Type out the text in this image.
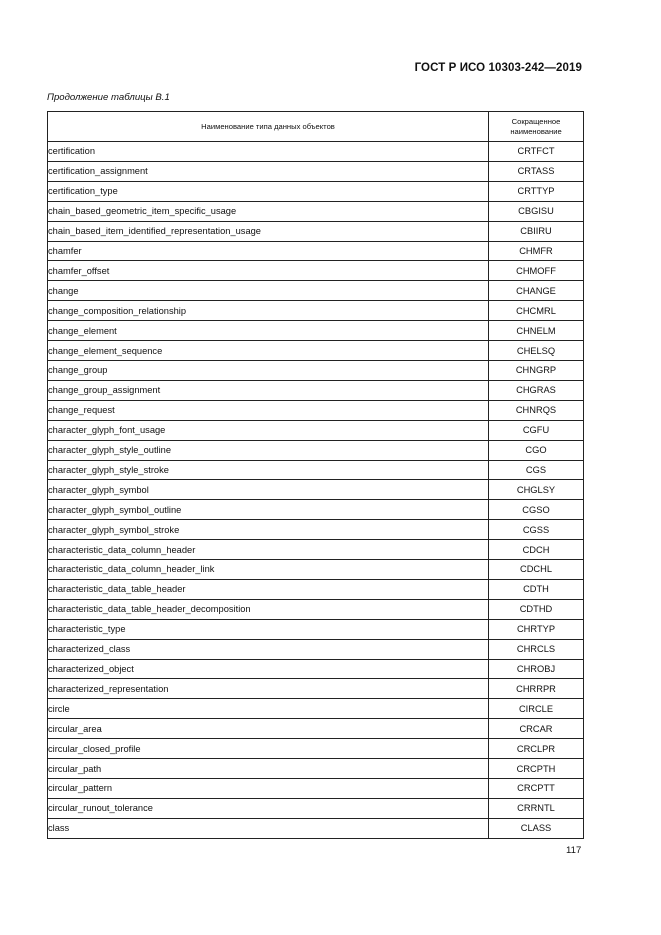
ГОСТ Р ИСО 10303-242—2019
Продолжение таблицы В.1
Наименование типа данных объектов	Сокращенное наименование
certification	CRTFCT
certification_assignment	CRTASS
certification_type	CRTTYP
chain_based_geometric_item_specific_usage	CBGISU
chain_based_item_identified_representation_usage	CBIIRU
chamfer	CHMFR
chamfer_offset	CHMOFF
change	CHANGE
change_composition_relationship	CHCMRL
change_element	CHNELM
change_element_sequence	CHELSQ
change_group	CHNGRP
change_group_assignment	CHGRAS
change_request	CHNRQS
character_glyph_font_usage	CGFU
character_glyph_style_outline	CGO
character_glyph_style_stroke	CGS
character_glyph_symbol	CHGLSY
character_glyph_symbol_outline	CGSO
character_glyph_symbol_stroke	CGSS
characteristic_data_column_header	CDCH
characteristic_data_column_header_link	CDCHL
characteristic_data_table_header	CDTH
characteristic_data_table_header_decomposition	CDTHD
characteristic_type	CHRTYP
characterized_class	CHRCLS
characterized_object	CHROBJ
characterized_representation	CHRRPR
circle	CIRCLE
circular_area	CRCAR
circular_closed_profile	CRCLPR
circular_path	CRCPTH
circular_pattern	CRCPTT
circular_runout_tolerance	CRRNTL
class	CLASS
117
